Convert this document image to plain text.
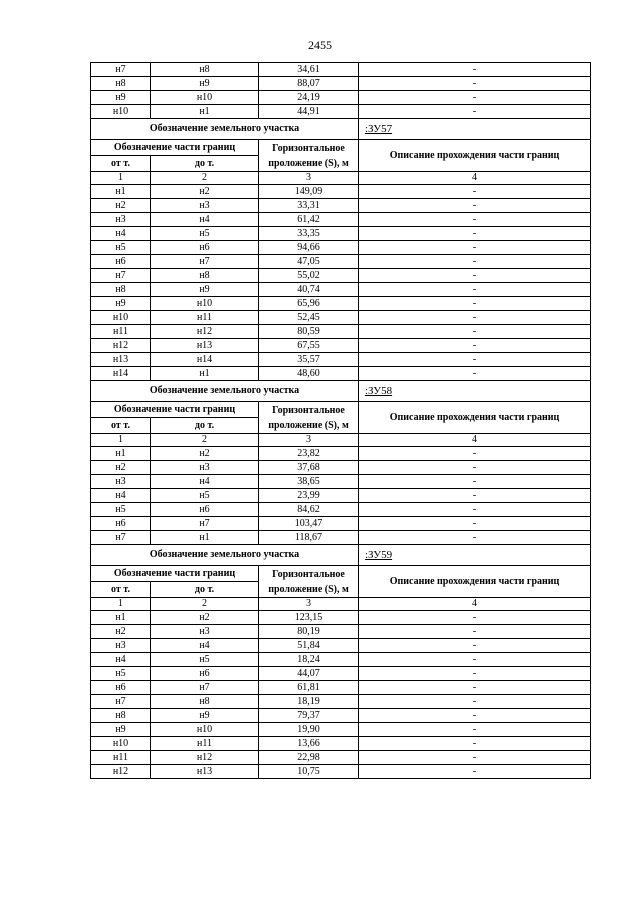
2455
н7	н8	34,61	-
н8	н9	88,07	-
н9	н10	24,19	-
н10	н1	44,91	-
Обозначение земельного участка			:ЗУ57
Обозначение части границ		Горизонтальное проложение (S), м	Описание прохождения части границ
от т.	до т.		
1	2	3	4
н1	н2	149,09	-
н2	н3	33,31	-
н3	н4	61,42	-
н4	н5	33,35	-
н5	н6	94,66	-
н6	н7	47,05	-
н7	н8	55,02	-
н8	н9	40,74	-
н9	н10	65,96	-
н10	н11	52,45	-
н11	н12	80,59	-
н12	н13	67,55	-
н13	н14	35,57	-
н14	н1	48,60	-
Обозначение земельного участка			:ЗУ58
Обозначение части границ		Горизонтальное проложение (S), м	Описание прохождения части границ
от т.	до т.		
1	2	3	4
н1	н2	23,82	-
н2	н3	37,68	-
н3	н4	38,65	-
н4	н5	23,99	-
н5	н6	84,62	-
н6	н7	103,47	-
н7	н1	118,67	-
Обозначение земельного участка			:ЗУ59
Обозначение части границ		Горизонтальное проложение (S), м	Описание прохождения части границ
от т.	до т.		
1	2	3	4
н1	н2	123,15	-
н2	н3	80,19	-
н3	н4	51,84	-
н4	н5	18,24	-
н5	н6	44,07	-
н6	н7	61,81	-
н7	н8	18,19	-
н8	н9	79,37	-
н9	н10	19,90	-
н10	н11	13,66	-
н11	н12	22,98	-
н12	н13	10,75	-
